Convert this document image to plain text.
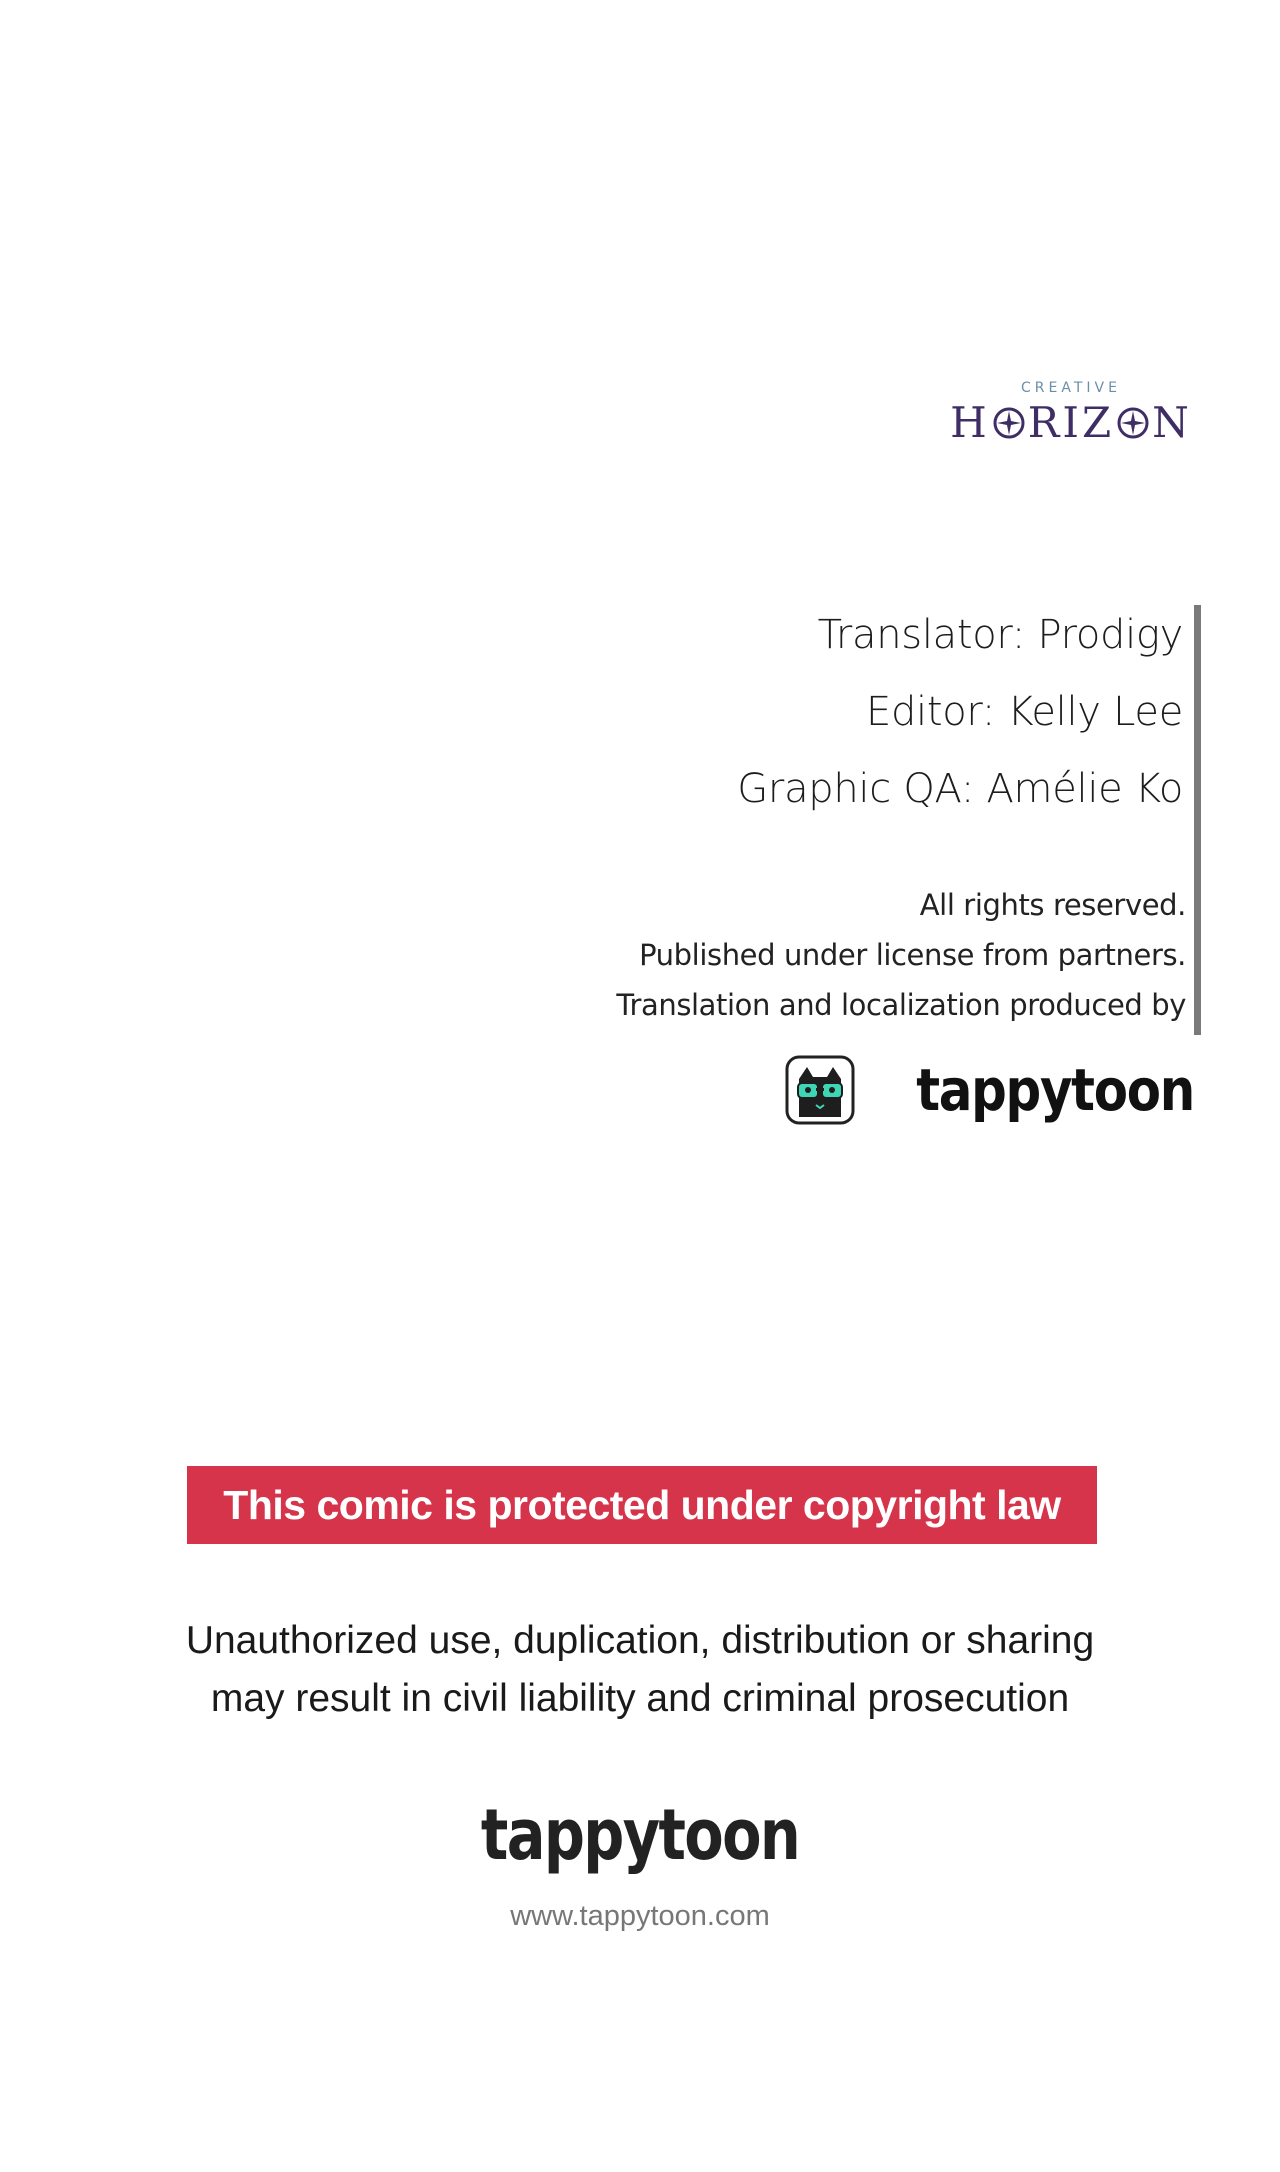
CREATIVE
H RIZ N
Translator: Prodigy
Editor: Kelly Lee
Graphic QA: Amélie Ko
All rights reserved.
Published under license from partners.
Translation and localization produced by
tappytoon
This comic is protected under copyright law
Unauthorized use, duplication, distribution or sharing
may result in civil liability and criminal prosecution
tappytoon
www.tappytoon.com
